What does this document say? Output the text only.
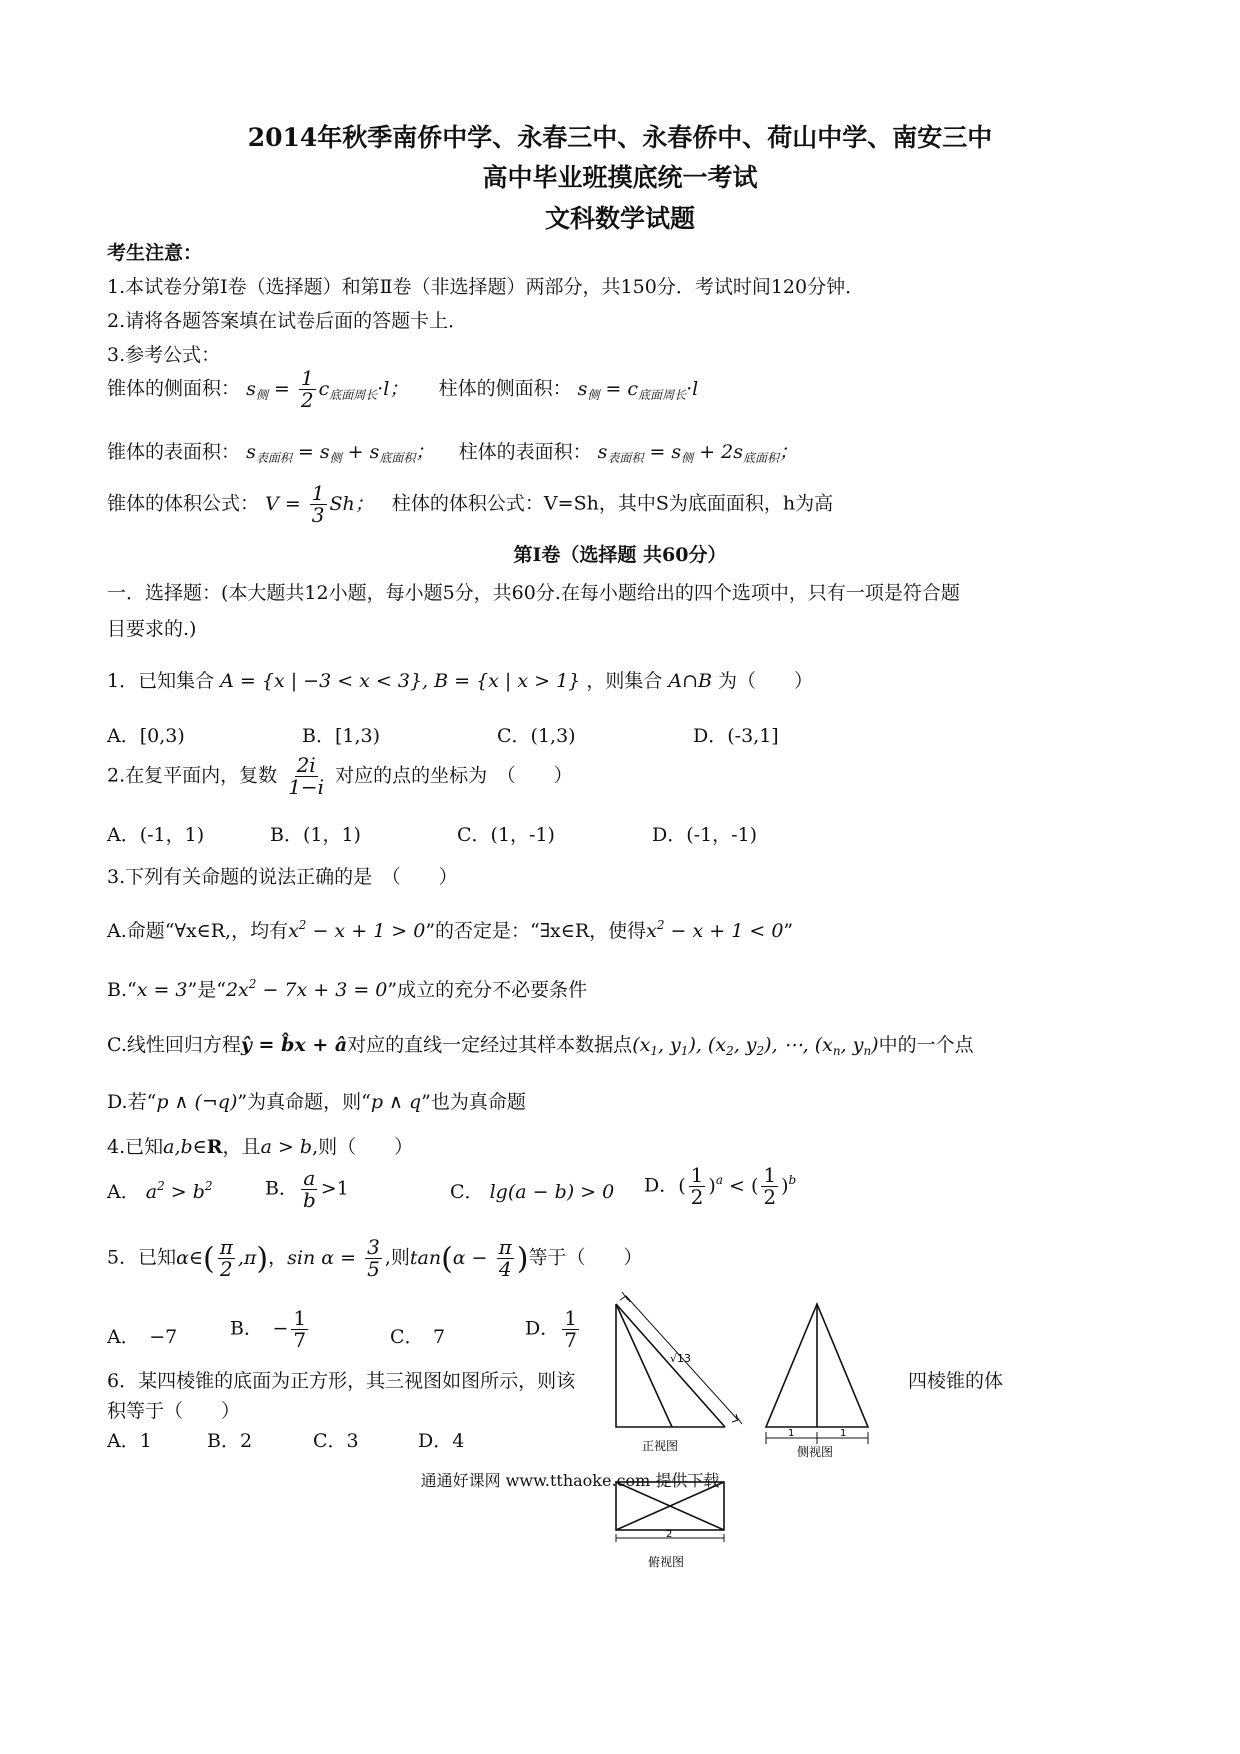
2014年秋季南侨中学、永春三中、永春侨中、荷山中学、南安三中
高中毕业班摸底统一考试
文科数学试题
考生注意：
1.本试卷分第Ⅰ卷（选择题）和第Ⅱ卷（非选择题）两部分，共150分．考试时间120分钟．
2.请将各题答案填在试卷后面的答题卡上．
3.参考公式：
锥体的侧面积： $s_侧 = \frac{1}{2} c_{底面周长}\cdot l$； 柱体的侧面积： $s_侧 = c_{底面周长}\cdot l$
锥体的表面积： $s_{表面积} = s_侧 + s_{底面积}$； 柱体的表面积： $s_{表面积} = s_侧 + 2s_{底面积}$；
锥体的体积公式： $V = \frac{1}{3}$ Sh； 柱体的体积公式：V=Sh，其中S为底面面积，h为高
第Ⅰ卷（选择题 共60分）
一．选择题：(本大题共12小题，每小题5分，共60分.在每小题给出的四个选项中，只有一项是符合题
目要求的.)
1．已知集合 A = {x | −3 < x < 3}, B = {x | x > 1} ，则集合 A∩B 为（　　）
A．[0,3)	B．[1,3)	C．(1,3)	D．(-3,1]
2.在复平面内，复数 $\frac{2i}{1-i}$ 对应的点的坐标为　（　　）
A．(-1，1)	B．(1，1)	C．(1，-1)	D．(-1，-1)
3.下列有关命题的说法正确的是　（　　）
A.命题“∀x∈R,，均有$x^2 - x + 1 > 0$”的否定是：“∃x∈R，使得$x^2 - x + 1 < 0$”
B.“x = 3”是“$2x^2 - 7x + 3 = 0$”成立的充分不必要条件
C.线性回归方程ŷ = b̂x + â对应的直线一定经过其样本数据点($x_1$, $y_1$), ($x_2$, $y_2$), ⋯, ($x_n$, $y_n$)中的一个点
D.若“p ∧ (¬q)”为真命题，则“p ∧ q”也为真命题
4.已知a,b∈R，且a > b,则（　　）
A． $a^2 > b^2$	B． $\frac{a}{b} >1$	C． lg(a − b) > 0 D．( $\frac{1}{2} )^a$ < ( $\frac{1}{2} )^b$
5．已知α∈( $\frac{\pi}{2} ,\pi$)，$\sin \alpha = \frac{3}{5}$ ,则$\tan(\alpha - \frac{\pi}{4}$ )等于（　　）
A．　−7	B．　− $\frac{1}{7}$	C．　7	D． $\frac{1}{7}$
6．某四棱锥的底面为正方形，其三视图如图所示，则该	四棱锥的体
积等于（　　）
A．1	B．2	C．3	D．4
√13
正视图
1	1
侧视图
2
俯视图
通通好课网 www.tthaoke.com 提供下载
